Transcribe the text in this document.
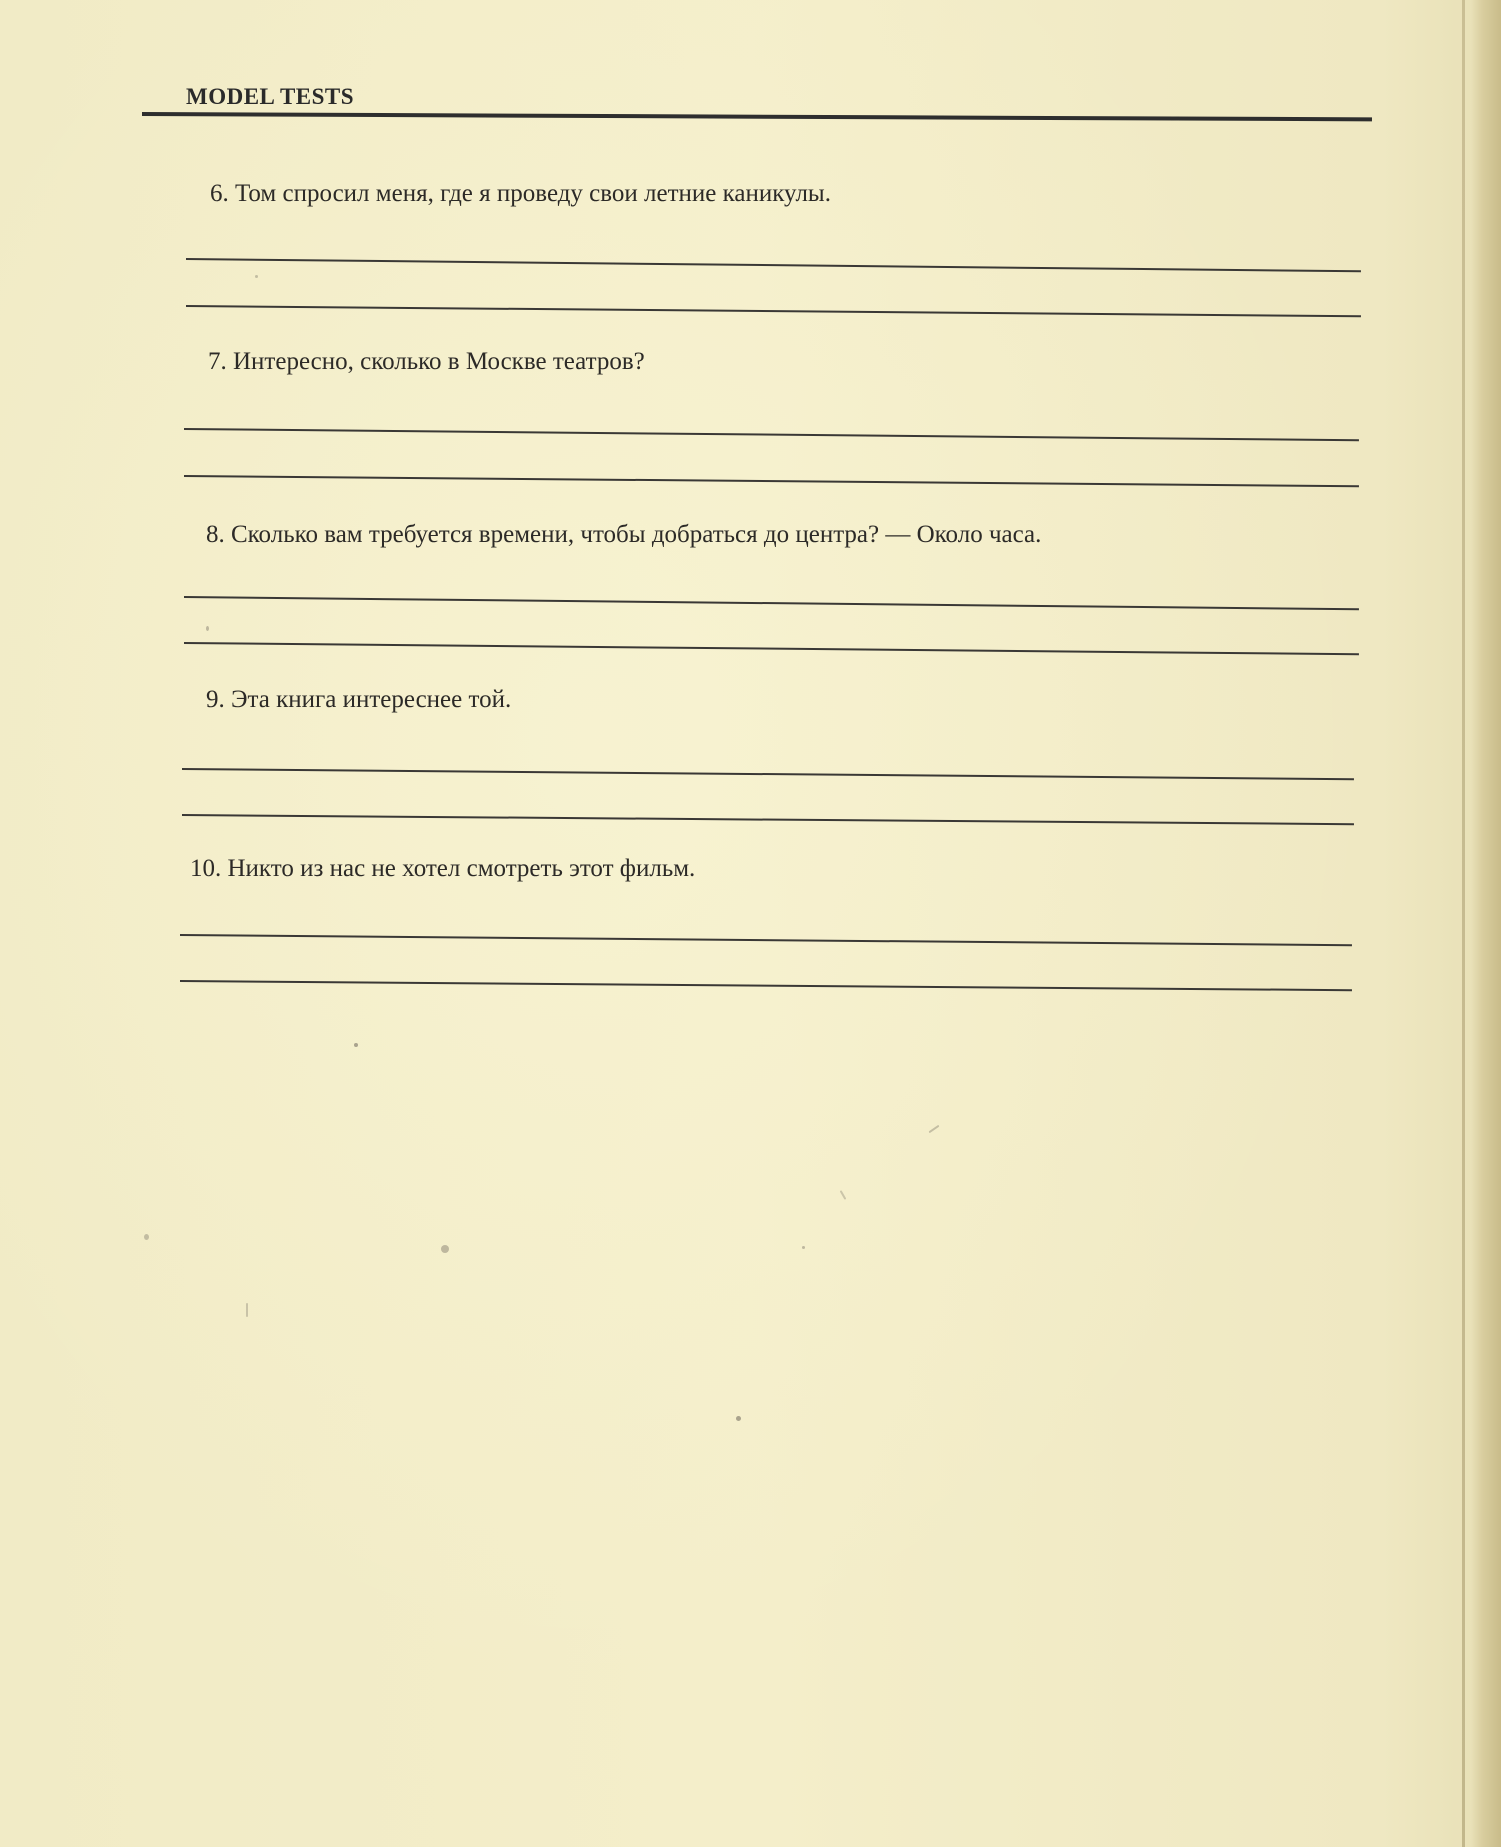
MODEL TESTS
6. Том спросил меня, где я проведу свои летние каникулы.
7. Интересно, сколько в Москве театров?
8. Сколько вам требуется времени, чтобы добраться до центра? — Около часа.
9. Эта книга интереснее той.
10. Никто из нас не хотел смотреть этот фильм.
